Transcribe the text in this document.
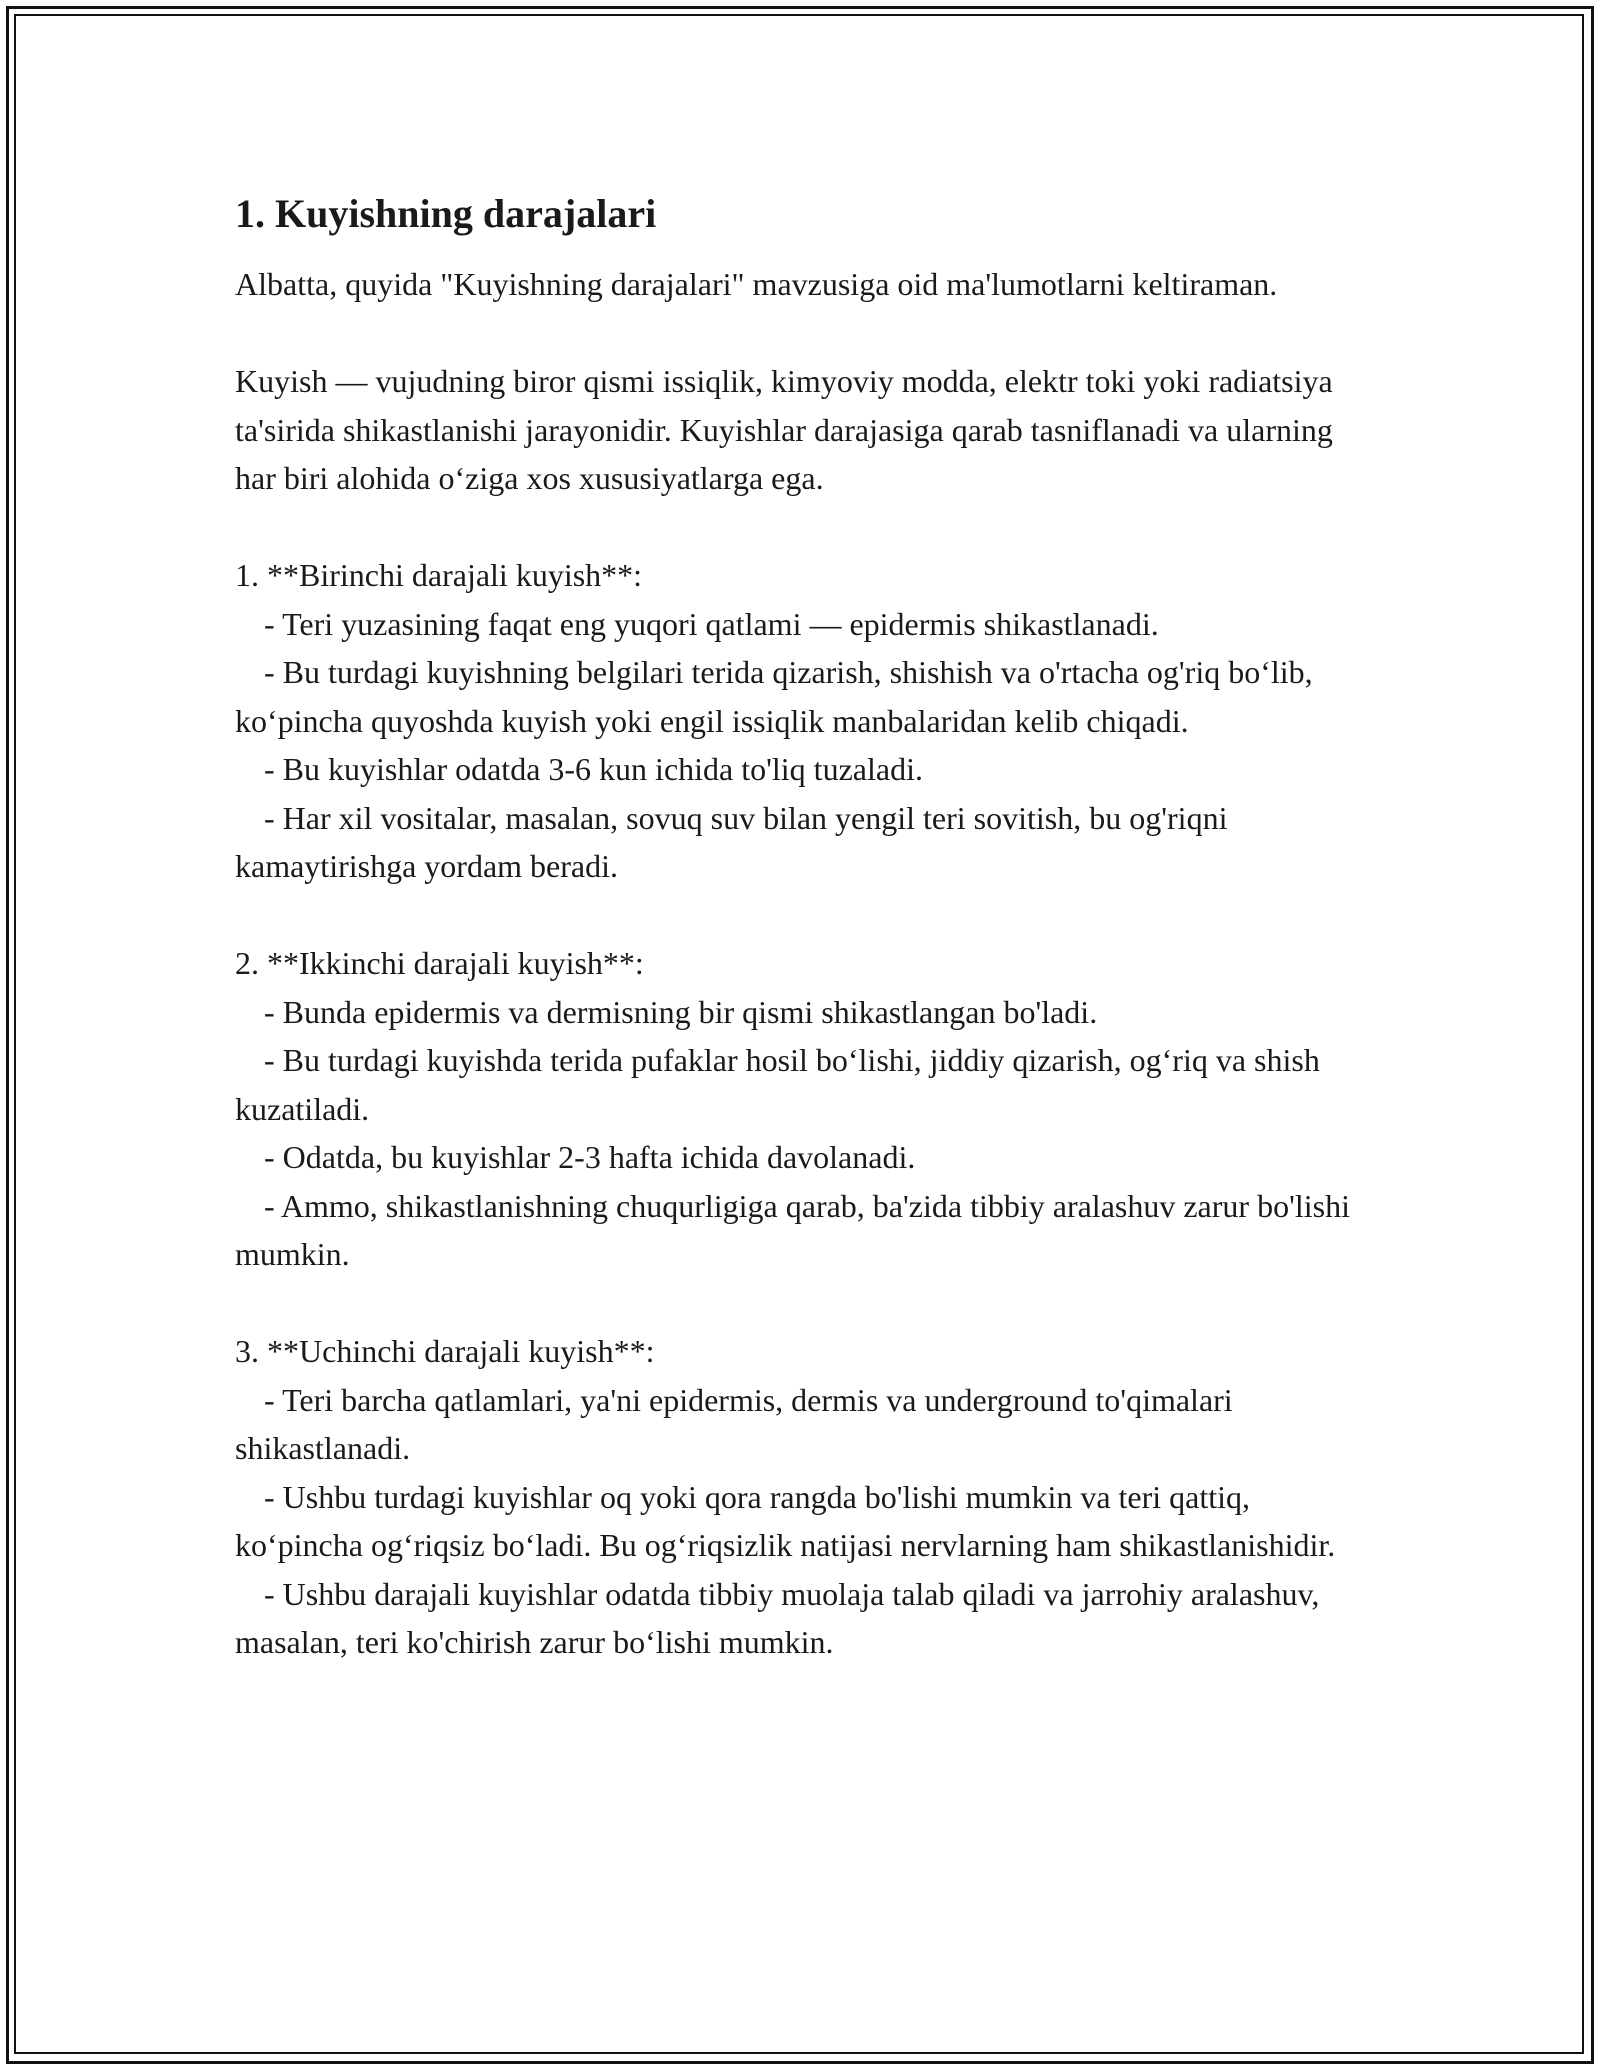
1. Kuyishning darajalari

Albatta, quyida "Kuyishning darajalari" mavzusiga oid ma'lumotlarni keltiraman.

Kuyish — vujudning biror qismi issiqlik, kimyoviy modda, elektr toki yoki radiatsiya ta'sirida shikastlanishi jarayonidir. Kuyishlar darajasiga qarab tasniflanadi va ularning har biri alohida o‘ziga xos xususiyatlarga ega.

1. **Birinchi darajali kuyish**:

- Teri yuzasining faqat eng yuqori qatlami — epidermis shikastlanadi.

- Bu turdagi kuyishning belgilari terida qizarish, shishish va o'rtacha og'riq bo‘lib, ko‘pincha quyoshda kuyish yoki engil issiqlik manbalaridan kelib chiqadi.

- Bu kuyishlar odatda 3-6 kun ichida to'liq tuzaladi.

- Har xil vositalar, masalan, sovuq suv bilan yengil teri sovitish, bu og'riqni kamaytirishga yordam beradi.

2. **Ikkinchi darajali kuyish**:

- Bunda epidermis va dermisning bir qismi shikastlangan bo'ladi.

- Bu turdagi kuyishda terida pufaklar hosil bo‘lishi, jiddiy qizarish, og‘riq va shish kuzatiladi.

- Odatda, bu kuyishlar 2-3 hafta ichida davolanadi.

- Ammo, shikastlanishning chuqurligiga qarab, ba'zida tibbiy aralashuv zarur bo'lishi mumkin.

3. **Uchinchi darajali kuyish**:

- Teri barcha qatlamlari, ya'ni epidermis, dermis va underground to'qimalari shikastlanadi.

- Ushbu turdagi kuyishlar oq yoki qora rangda bo'lishi mumkin va teri qattiq, ko‘pincha og‘riqsiz bo‘ladi. Bu og‘riqsizlik natijasi nervlarning ham shikastlanishidir.

- Ushbu darajali kuyishlar odatda tibbiy muolaja talab qiladi va jarrohiy aralashuv, masalan, teri ko'chirish zarur bo‘lishi mumkin.
